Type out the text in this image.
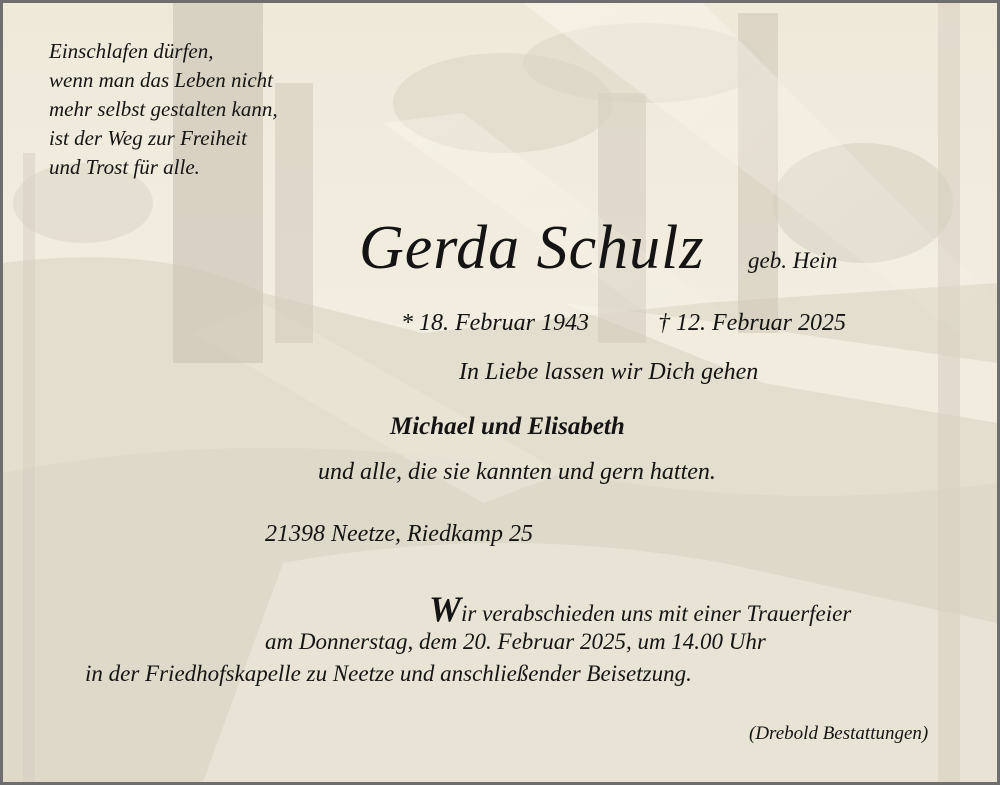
Einschlafen dürfen,
wenn man das Leben nicht
mehr selbst gestalten kann,
ist der Weg zur Freiheit
und Trost für alle.
Gerda Schulz geb. Hein
* 18. Februar 1943	† 12. Februar 2025
In Liebe lassen wir Dich gehen
Michael und Elisabeth
und alle, die sie kannten und gern hatten.
21398 Neetze, Riedkamp 25
Wir verabschieden uns mit einer Trauerfeier
am Donnerstag, dem 20. Februar 2025, um 14.00 Uhr
in der Friedhofskapelle zu Neetze und anschließender Beisetzung.
(Drebold Bestattungen)
